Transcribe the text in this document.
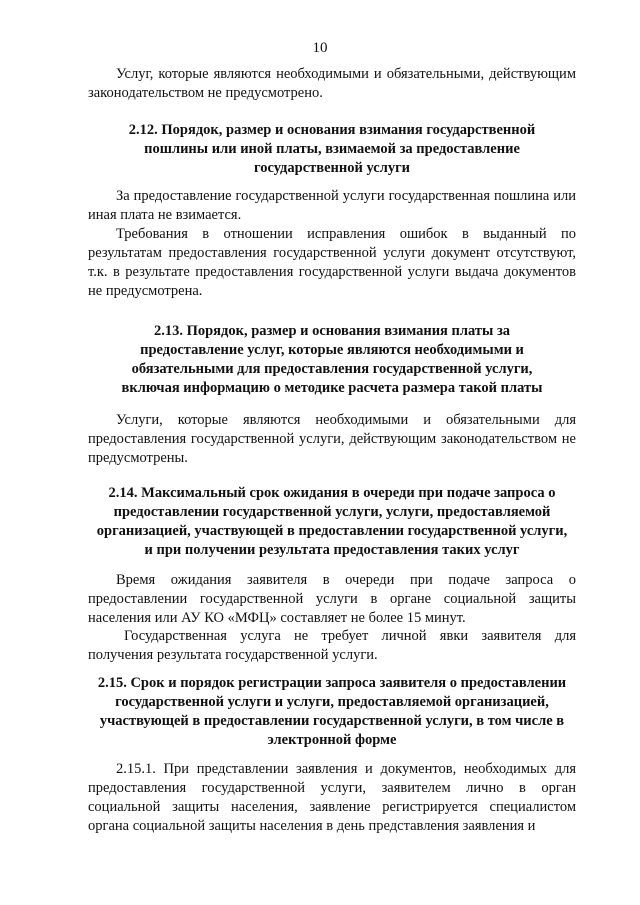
10
Услуг, которые являются необходимыми и обязательными, действующим законодательством не предусмотрено.
2.12. Порядок, размер и основания взимания государственной пошлины или иной платы, взимаемой за предоставление государственной услуги
За предоставление государственной услуги государственная пошлина или иная плата не взимается.
Требования в отношении исправления ошибок в выданный по результатам предоставления государственной услуги документ отсутствуют, т.к. в результате предоставления государственной услуги выдача документов не предусмотрена.
2.13. Порядок, размер и основания взимания платы за предоставление услуг, которые являются необходимыми и обязательными для предоставления государственной услуги, включая информацию о методике расчета размера такой платы
Услуги, которые являются необходимыми и обязательными для предоставления государственной услуги, действующим законодательством не предусмотрены.
2.14. Максимальный срок ожидания в очереди при подаче запроса о предоставлении государственной услуги, услуги, предоставляемой организацией, участвующей в предоставлении государственной услуги, и при получении результата предоставления таких услуг
Время ожидания заявителя в очереди при подаче запроса о предоставлении государственной услуги в органе социальной защиты населения или АУ КО «МФЦ» составляет не более 15 минут.
Государственная услуга не требует личной явки заявителя для получения результата государственной услуги.
2.15. Срок и порядок регистрации запроса заявителя о предоставлении государственной услуги и услуги, предоставляемой организацией, участвующей в предоставлении государственной услуги, в том числе в электронной форме
2.15.1. При представлении заявления и документов, необходимых для предоставления государственной услуги, заявителем лично в орган социальной защиты населения, заявление регистрируется специалистом органа социальной защиты населения в день представления заявления и
